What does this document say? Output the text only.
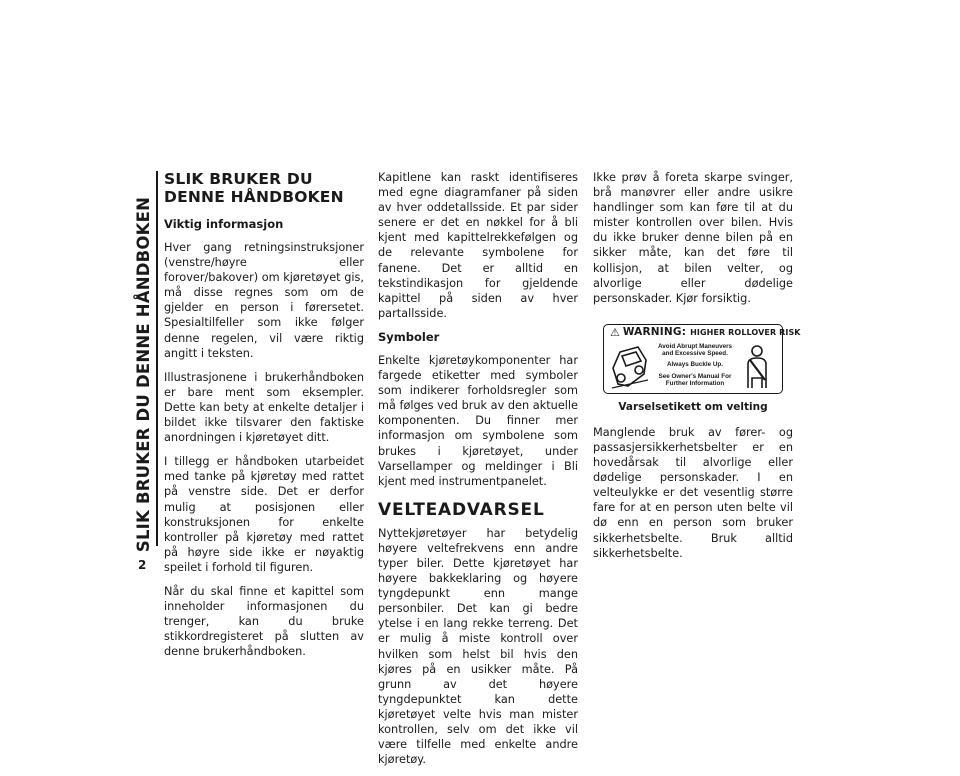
SLIK BRUKER DU DENNE HÅNDBOKEN
2
SLIK BRUKER DU DENNE HÅNDBOKEN
Viktig informasjon

Hver gang retningsinstruksjoner (venstre/høyre eller forover/bakover) om kjøretøyet gis, må disse regnes som om de gjelder en person i førersetet. Spesialtilfeller som ikke følger denne regelen, vil være riktig angitt i teksten.

Illustrasjonene i brukerhåndboken er bare ment som eksempler. Dette kan bety at enkelte detaljer i bildet ikke tilsvarer den faktiske anordningen i kjøretøyet ditt.

I tillegg er håndboken utarbeidet med tanke på kjøretøy med rattet på venstre side. Det er derfor mulig at posisjonen eller konstruksjonen for enkelte kontroller på kjøretøy med rattet på høyre side ikke er nøyaktig speilet i forhold til figuren.

Når du skal finne et kapittel som inneholder informasjonen du trenger, kan du bruke stikkordregisteret på slutten av denne brukerhåndboken.

Kapitlene kan raskt identifiseres med egne diagramfaner på siden av hver oddetallsside. Et par sider senere er det en nøkkel for å bli kjent med kapittelrekkefølgen og de relevante symbolene for fanene. Det er alltid en tekstindikasjon for gjeldende kapittel på siden av hver partallsside.

Symboler

Enkelte kjøretøykomponenter har fargede etiketter med symboler som indikerer forholdsregler som må følges ved bruk av den aktuelle komponenten. Du finner mer informasjon om symbolene som brukes i kjøretøyet, under Varsellamper og meldinger i Bli kjent med instrumentpanelet.

VELTEADVARSEL

Nyttekjøretøyer har betydelig høyere veltefrekvens enn andre typer biler. Dette kjøretøyet har høyere bakkeklaring og høyere tyngdepunkt enn mange personbiler. Det kan gi bedre ytelse i en lang rekke terreng. Det er mulig å miste kontroll over hvilken som helst bil hvis den kjøres på en usikker måte. På grunn av det høyere tyngdepunktet kan dette kjøretøyet velte hvis man mister kontrollen, selv om det ikke vil være tilfelle med enkelte andre kjøretøy.

Ikke prøv å foreta skarpe svinger, brå manøvrer eller andre usikre handlinger som kan føre til at du mister kontrollen over bilen. Hvis du ikke bruker denne bilen på en sikker måte, kan det føre til kollisjon, at bilen velter, og alvorlige eller dødelige personskader. Kjør forsiktig.

⚠ WARNING: HIGHER ROLLOVER RISK
Avoid Abrupt Maneuvers and Excessive Speed.
Always Buckle Up.
See Owner's Manual For Further Information
Varselsetikett om velting

Manglende bruk av fører- og passasjersikkerhetsbelter er en hovedårsak til alvorlige eller dødelige personskader. I en velteulykke er det vesentlig større fare for at en person uten belte vil dø enn en person som bruker sikkerhetsbelte. Bruk alltid sikkerhetsbelte.
